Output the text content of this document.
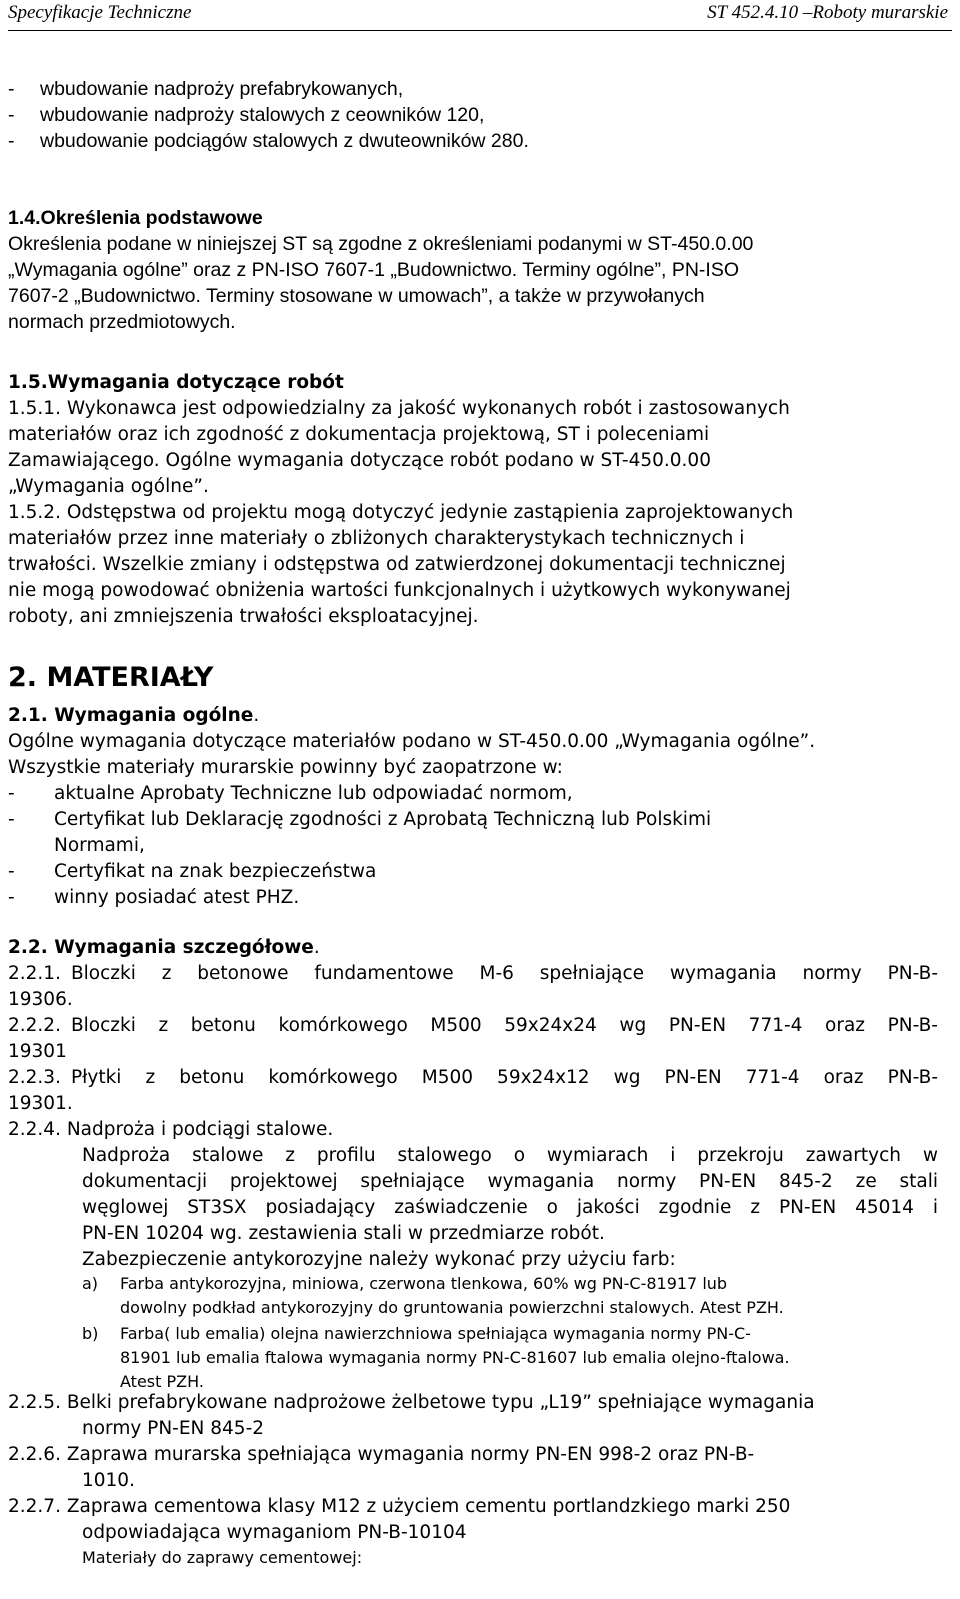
Specyfikacje Techniczne	ST 452.4.10 –Roboty murarskie
- wbudowanie nadproży prefabrykowanych,
- wbudowanie nadproży stalowych z ceowników 120,
- wbudowanie podciągów stalowych z dwuteowników 280.
1.4.Określenia podstawowe
Określenia podane w niniejszej ST są zgodne z określeniami podanymi w ST-450.0.00
„Wymagania ogólne” oraz z PN-ISO 7607-1 „Budownictwo. Terminy ogólne”, PN-ISO
7607-2 „Budownictwo. Terminy stosowane w umowach”, a także w przywołanych
normach przedmiotowych.
1.5.Wymagania dotyczące robót
1.5.1. Wykonawca jest odpowiedzialny za jakość wykonanych robót i zastosowanych
materiałów oraz ich zgodność z dokumentacja projektową, ST i poleceniami
Zamawiającego. Ogólne wymagania dotyczące robót podano w ST-450.0.00
„Wymagania ogólne”.
1.5.2. Odstępstwa od projektu mogą dotyczyć jedynie zastąpienia zaprojektowanych
materiałów przez inne materiały o zbliżonych charakterystykach technicznych i
trwałości. Wszelkie zmiany i odstępstwa od zatwierdzonej dokumentacji technicznej
nie mogą powodować obniżenia wartości funkcjonalnych i użytkowych wykonywanej
roboty, ani zmniejszenia trwałości eksploatacyjnej.
2. MATERIAŁY
2.1. Wymagania ogólne.
Ogólne wymagania dotyczące materiałów podano w ST-450.0.00 „Wymagania ogólne”.
Wszystkie materiały murarskie powinny być zaopatrzone w:
- aktualne Aprobaty Techniczne lub odpowiadać normom,
- Certyfikat lub Deklarację zgodności z Aprobatą Techniczną lub Polskimi
Normami,
- Certyfikat na znak bezpieczeństwa
- winny posiadać atest PHZ.
2.2. Wymagania szczegółowe.
2.2.1. Bloczki z betonowe fundamentowe M-6 spełniające wymagania normy PN-B-
19306.
2.2.2. Bloczki z betonu komórkowego M500 59x24x24 wg PN-EN 771-4 oraz PN-B-
19301
2.2.3. Płytki z betonu komórkowego M500 59x24x12 wg PN-EN 771-4 oraz PN-B-
19301.
2.2.4. Nadproża i podciągi stalowe.
Nadproża stalowe z profilu stalowego o wymiarach i przekroju zawartych w
dokumentacji projektowej spełniające wymagania normy PN-EN 845-2 ze stali
węglowej ST3SX posiadający zaświadczenie o jakości zgodnie z PN-EN 45014 i
PN-EN 10204 wg. zestawienia stali w przedmiarze robót.
Zabezpieczenie antykorozyjne należy wykonać przy użyciu farb:
a) Farba antykorozyjna, miniowa, czerwona tlenkowa, 60% wg PN-C-81917 lub
dowolny podkład antykorozyjny do gruntowania powierzchni stalowych. Atest PZH.
b) Farba( lub emalia) olejna nawierzchniowa spełniająca wymagania normy PN-C-
81901 lub emalia ftalowa wymagania normy PN-C-81607 lub emalia olejno-ftalowa.
Atest PZH.
2.2.5. Belki prefabrykowane nadprożowe żelbetowe typu „L19” spełniające wymagania
normy PN-EN 845-2
2.2.6. Zaprawa murarska spełniająca wymagania normy PN-EN 998-2 oraz PN-B-
1010.
2.2.7. Zaprawa cementowa klasy M12 z użyciem cementu portlandzkiego marki 250
odpowiadająca wymaganiom PN-B-10104
Materiały do zaprawy cementowej:
